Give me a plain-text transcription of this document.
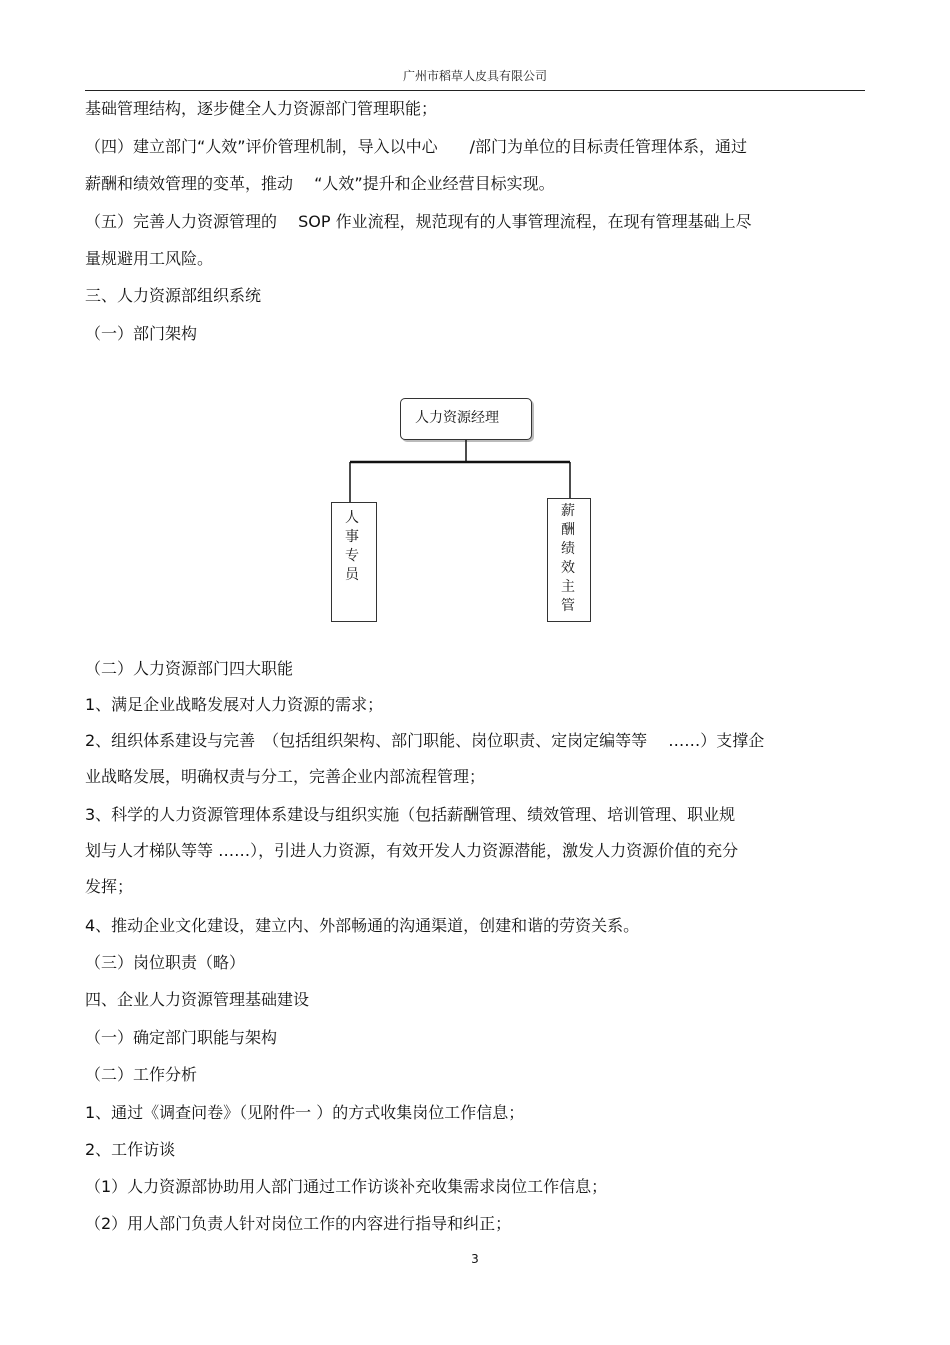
广州市稻草人皮具有限公司
基础管理结构，逐步健全人力资源部门管理职能；
（四）建立部门“人效”评价管理机制，导入以中心　　/部门为单位的目标责任管理体系，通过
薪酬和绩效管理的变革，推动　 “人效”提升和企业经营目标实现。
（五）完善人力资源管理的　 SOP 作业流程，规范现有的人事管理流程，在现有管理基础上尽
量规避用工风险。
三、人力资源部组织系统
（一）部门架构
人力资源经理
人事专员
薪酬绩效主管
（二）人力资源部门四大职能
1、满足企业战略发展对人力资源的需求；
2、组织体系建设与完善　（包括组织架构、部门职能、岗位职责、定岗定编等等　 ……）支撑企
业战略发展，明确权责与分工，完善企业内部流程管理；
3、科学的人力资源管理体系建设与组织实施（包括薪酬管理、绩效管理、培训管理、职业规
划与人才梯队等等 ……），引进人力资源，有效开发人力资源潜能，激发人力资源价值的充分
发挥；
4、推动企业文化建设，建立内、外部畅通的沟通渠道，创建和谐的劳资关系。
（三）岗位职责（略）
四、企业人力资源管理基础建设
（一）确定部门职能与架构
（二）工作分析
1、通过《调查问卷》（见附件一 ）的方式收集岗位工作信息；
2、工作访谈
（1）人力资源部协助用人部门通过工作访谈补充收集需求岗位工作信息；
（2）用人部门负责人针对岗位工作的内容进行指导和纠正；
3
